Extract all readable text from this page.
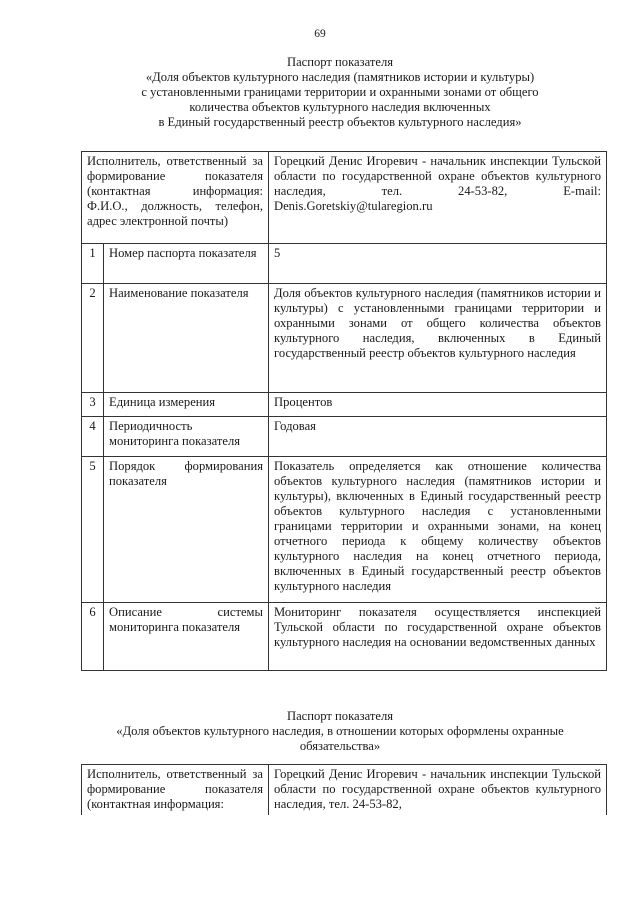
69
Паспорт показателя
«Доля объектов культурного наследия (памятников истории и культуры)
с установленными границами территории и охранными зонами от общего
количества объектов культурного наследия включенных
в Единый государственный реестр объектов культурного наследия»
Исполнитель, ответственный за формирование показателя (контактная информация: Ф.И.О., должность, телефон, адрес электронной почты)		Горецкий Денис Игоревич - начальник инспекции Тульской области по государственной охране объектов культурного наследия, тел. 24-53-82, E-mail: Denis.Goretskiy@tularegion.ru
1	Номер паспорта показателя	5
2	Наименование показателя	Доля объектов культурного наследия (памятников истории и культуры) с установленными границами территории и охранными зонами от общего количества объектов культурного наследия, включенных в Единый государственный реестр объектов культурного наследия
3	Единица измерения	Процентов
4	Периодичность мониторинга показателя	Годовая
5	Порядок формирования показателя	Показатель определяется как отношение количества объектов культурного наследия (памятников истории и культуры), включенных в Единый государственный реестр объектов культурного наследия с установленными границами территории и охранными зонами, на конец отчетного периода к общему количеству объектов культурного наследия на конец отчетного периода, включенных в Единый государственный реестр объектов культурного наследия
6	Описание системы мониторинга показателя	Мониторинг показателя осуществляется инспекцией Тульской области по государственной охране объектов культурного наследия на основании ведомственных данных
Паспорт показателя
«Доля объектов культурного наследия, в отношении которых оформлены охранные
обязательства»
Исполнитель, ответственный за формирование показателя (контактная информация:	Горецкий Денис Игоревич - начальник инспекции Тульской области по государственной охране объектов культурного наследия, тел. 24-53-82,
